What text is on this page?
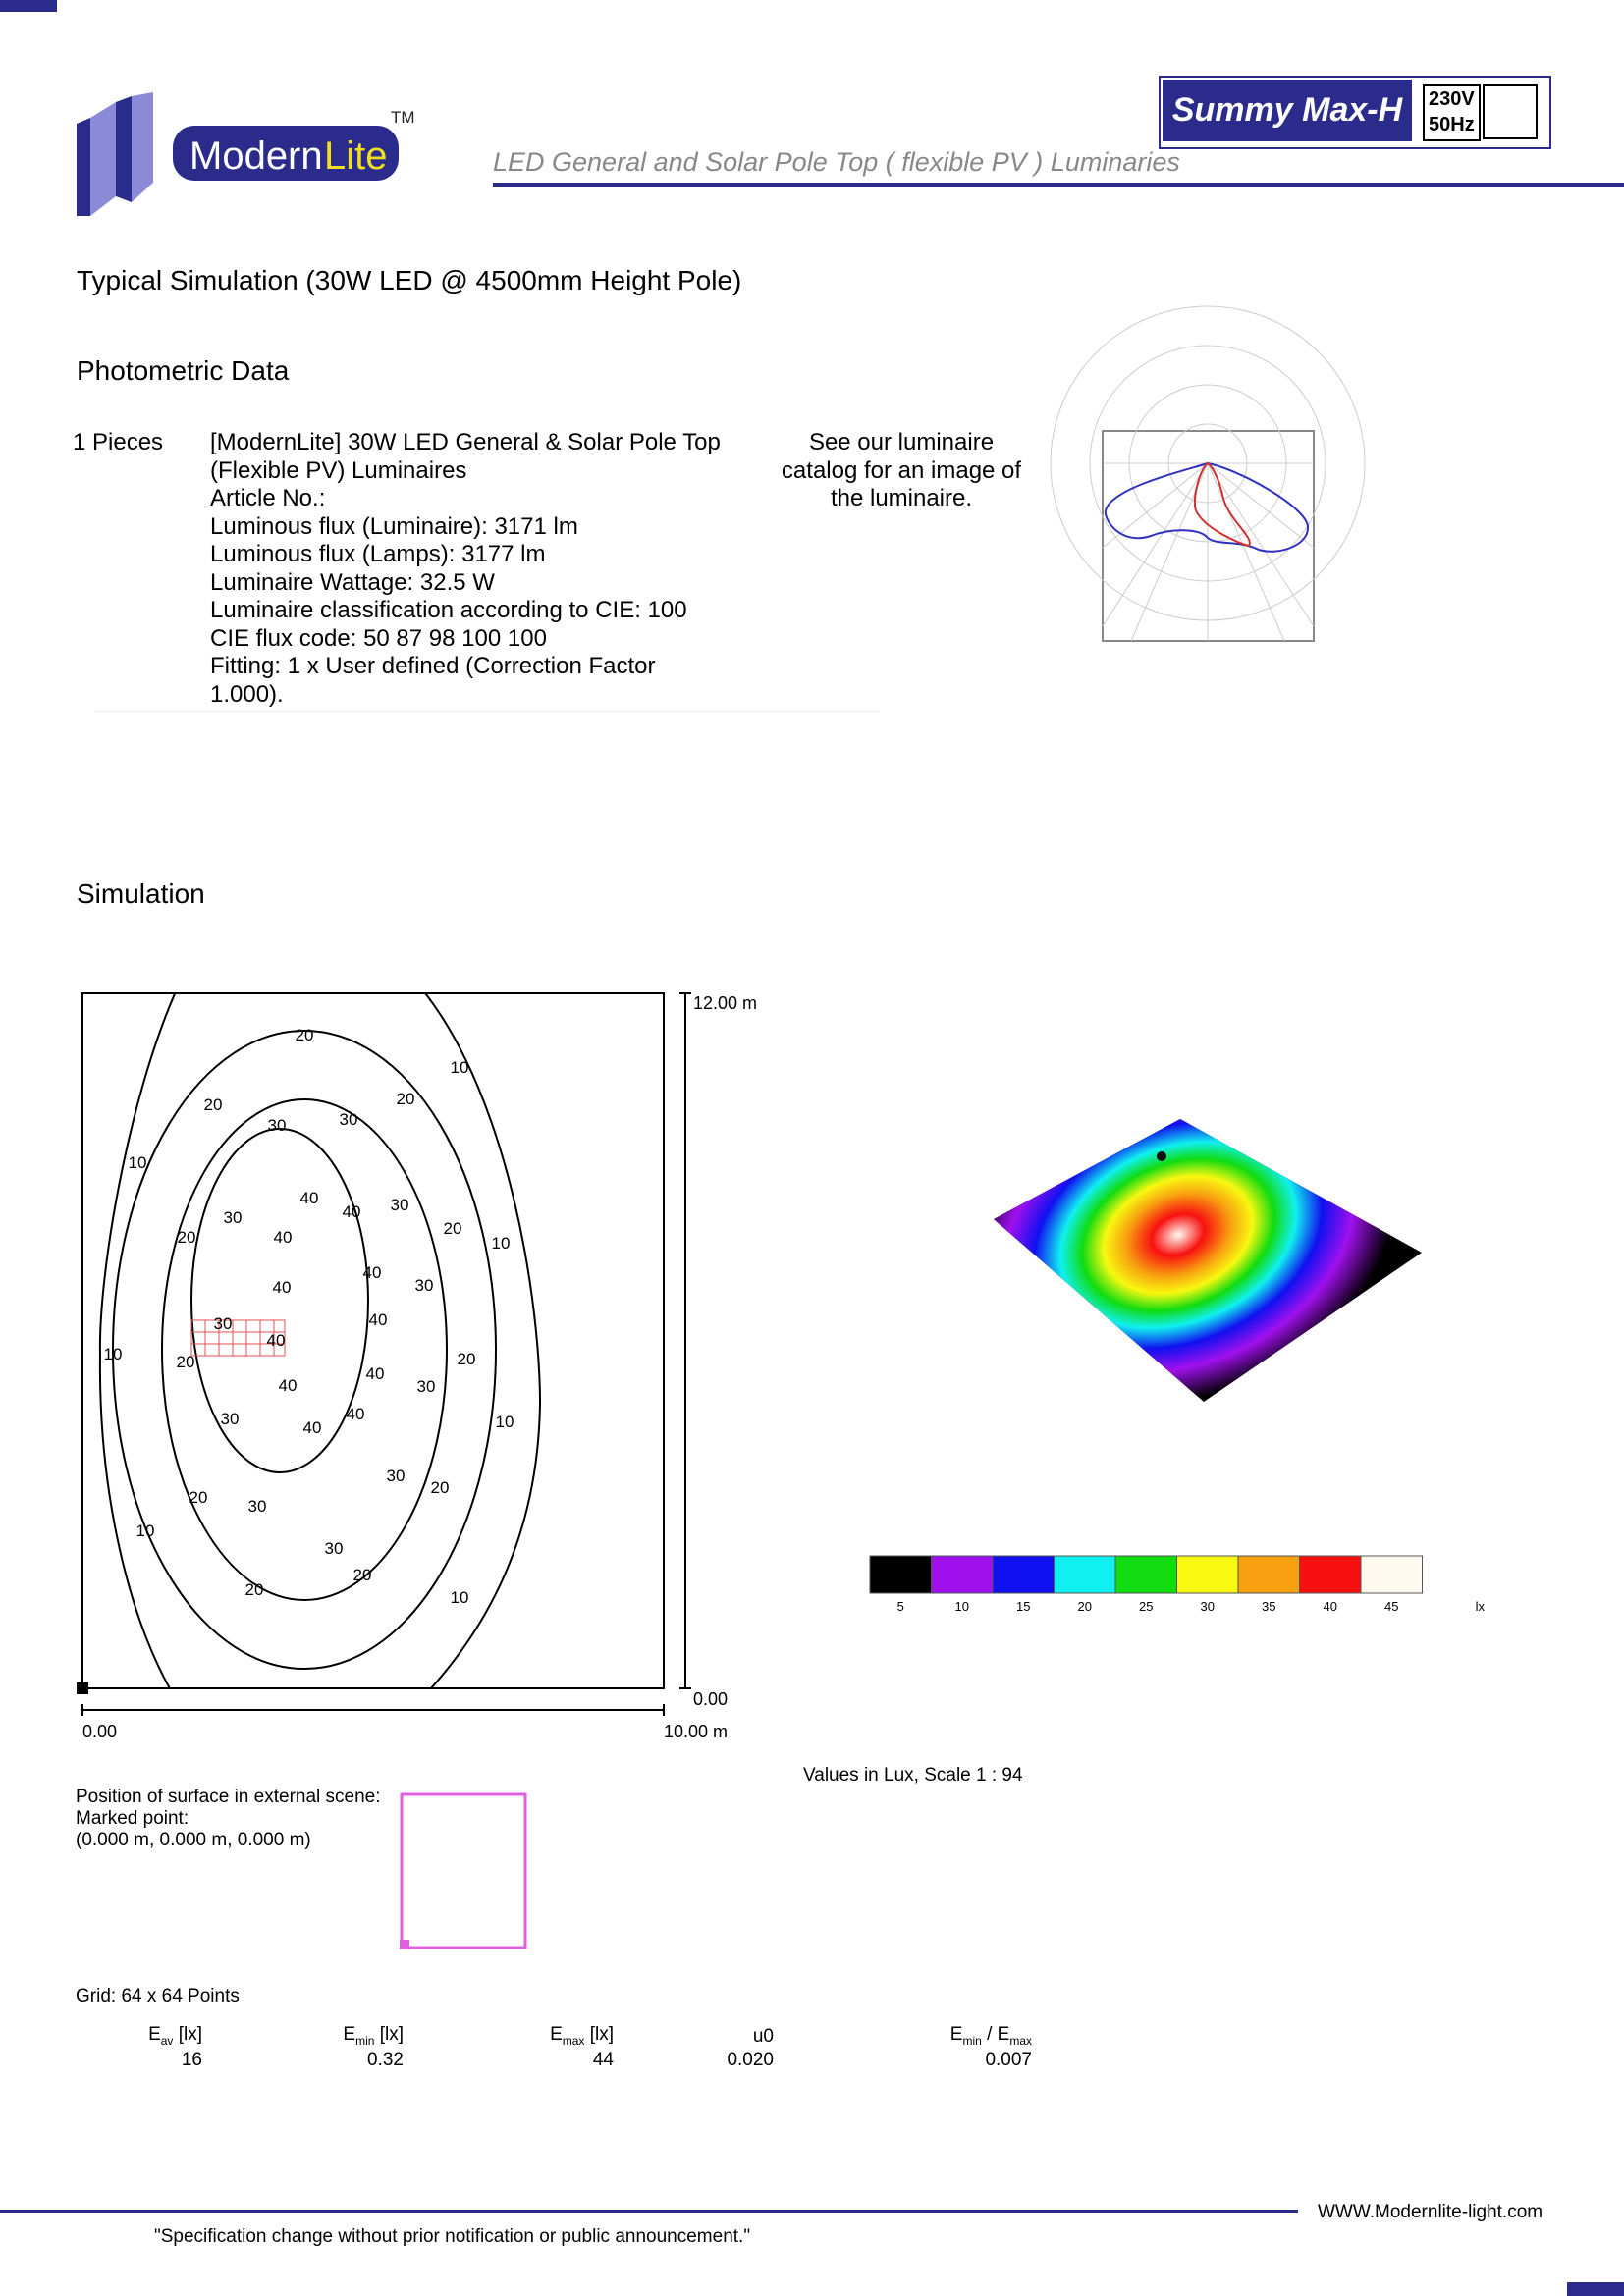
Modern Lite
TM	Summy Max-H	230V
50Hz
LED General and Solar Pole Top ( flexible PV ) Luminaries
Typical Simulation (30W LED @ 4500mm Height Pole)
Photometric Data
1 Pieces [ModernLite] 30W LED General & Solar Pole Top
(Flexible PV) Luminaires
Article No.:
Luminous flux (Luminaire): 3171 lm
Luminous flux (Lamps): 3177 lm
Luminaire Wattage: 32.5 W
Luminaire classification according to CIE: 100
CIE flux code: 50 87 98 100 100
Fitting: 1 x User defined (Correction Factor
1.000).
See our luminaire
catalog for an image of
the luminaire.
Simulation
10
10
10
10
10
10
10
20
20	20
20	20
20	20
20
20
20
20
30	30
30
30
30
30
30
30
30
30
30
40
40
40
40
40
40
40
40
40
40
40
12.00 m
0.00
0.00	10.00 m
5	10	15	20	25	30	35	40	45	lx
Values in Lux, Scale 1 : 94
Position of surface in external scene:
Marked point:
(0.000 m, 0.000 m, 0.000 m)
Grid: 64 x 64 Points
$E_{av}$ [lx]
16
$E_{min}$ [lx]
0.32
$E_{max}$ [lx]
44
u0
0.020
$E_{min} / E_{max}$
0.007
WWW.Modernlite-light.com
"Specification change without prior notification or public announcement."
